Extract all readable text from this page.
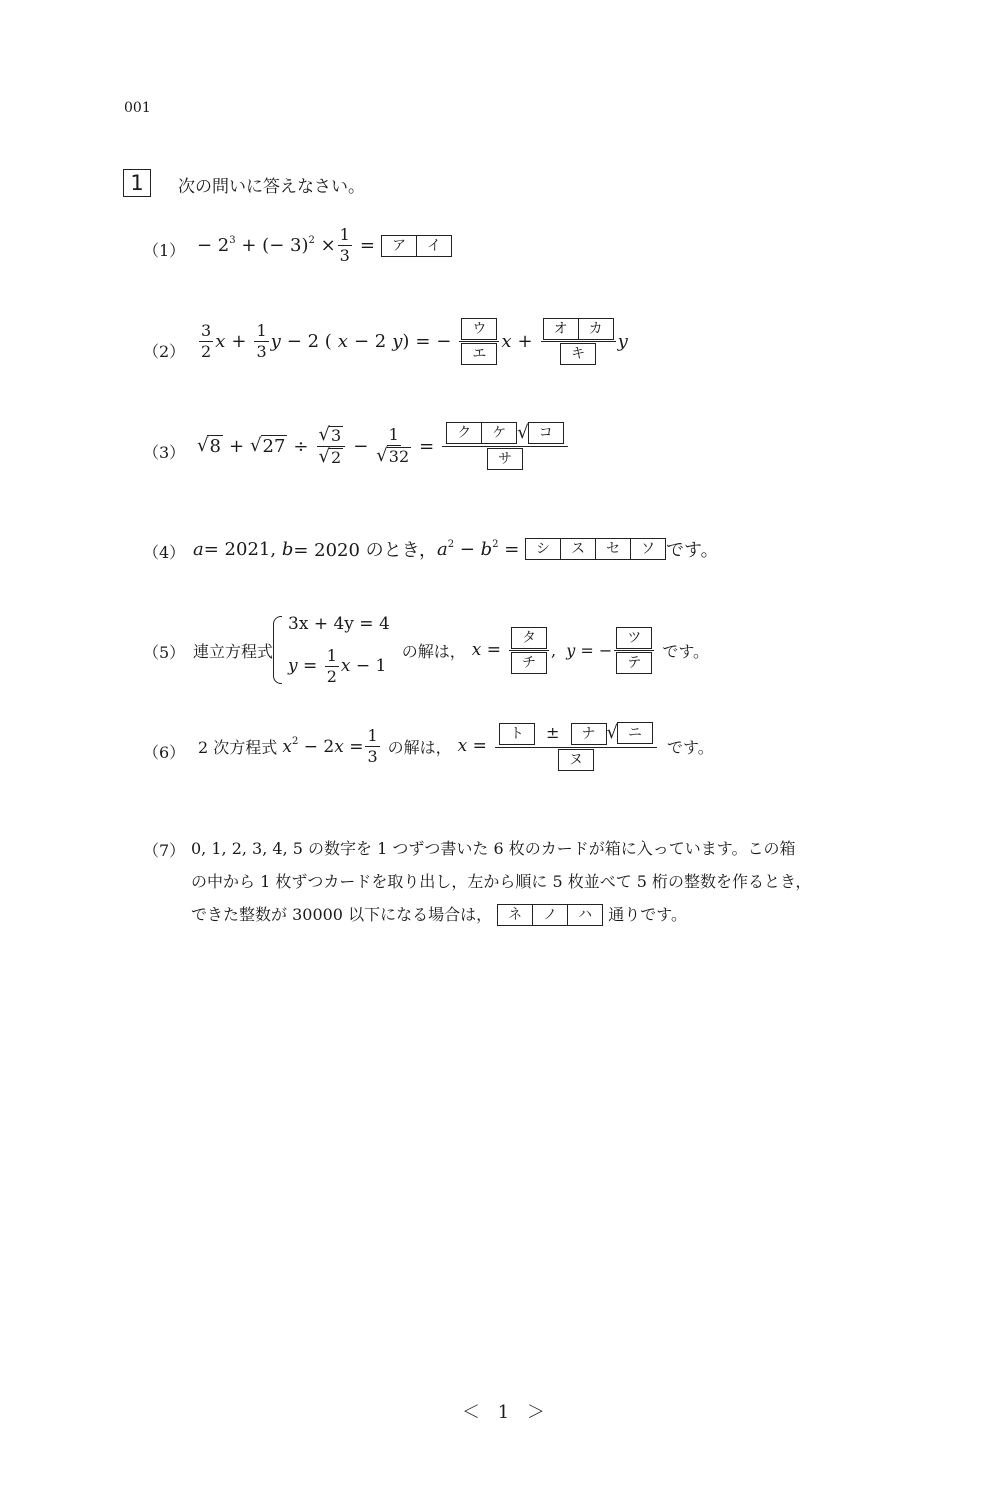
001
1	次の問いに答えなさい。
$(1) - 2^3$ + (− $3)^2 \times \frac{1}{3}$ =	ア	イ
$(2) \frac{3}{2}$ $x + \frac{1}{3}$ y − 2 ( x − 2 y ) = − $\frac{\text{ウ}}{\text{エ}}$ x + オ	カ
キ y
（3） √ 8 + √ $27 \div \frac{√ 3}{√ 2} - \frac{1}{√ 32}$ = ク	ケ √ コ
サ
（4） a = 2021,
b = 2020 のとき， $a^2 - b^2$ = シ	ス	セ	ソ です。
（5） 連立方程式
3x + 4y = 4
$y = \frac{1}{2}$ x − 1
の解は， $x = \frac{\text{タ}}{\text{チ}}$ ,  y = − $\frac{\text{ツ}}{\text{テ}}$ です。
（6） 2 次方程式
$x^2 - 2x = \frac{1}{3}$ の解は， x = ト	±	ナ √ ニ
ヌ です。
（7） 0, 1, 2, 3, 4, 5 の数字を 1 つずつ書いた 6 枚のカードが箱に入っています。この箱
の中から 1 枚ずつカードを取り出し，左から順に 5 枚並べて 5 桁の整数を作るとき，
できた整数が 30000 以下になる場合は，
	ネ	ノ	ハ
	通りです。
＜ 1 ＞
